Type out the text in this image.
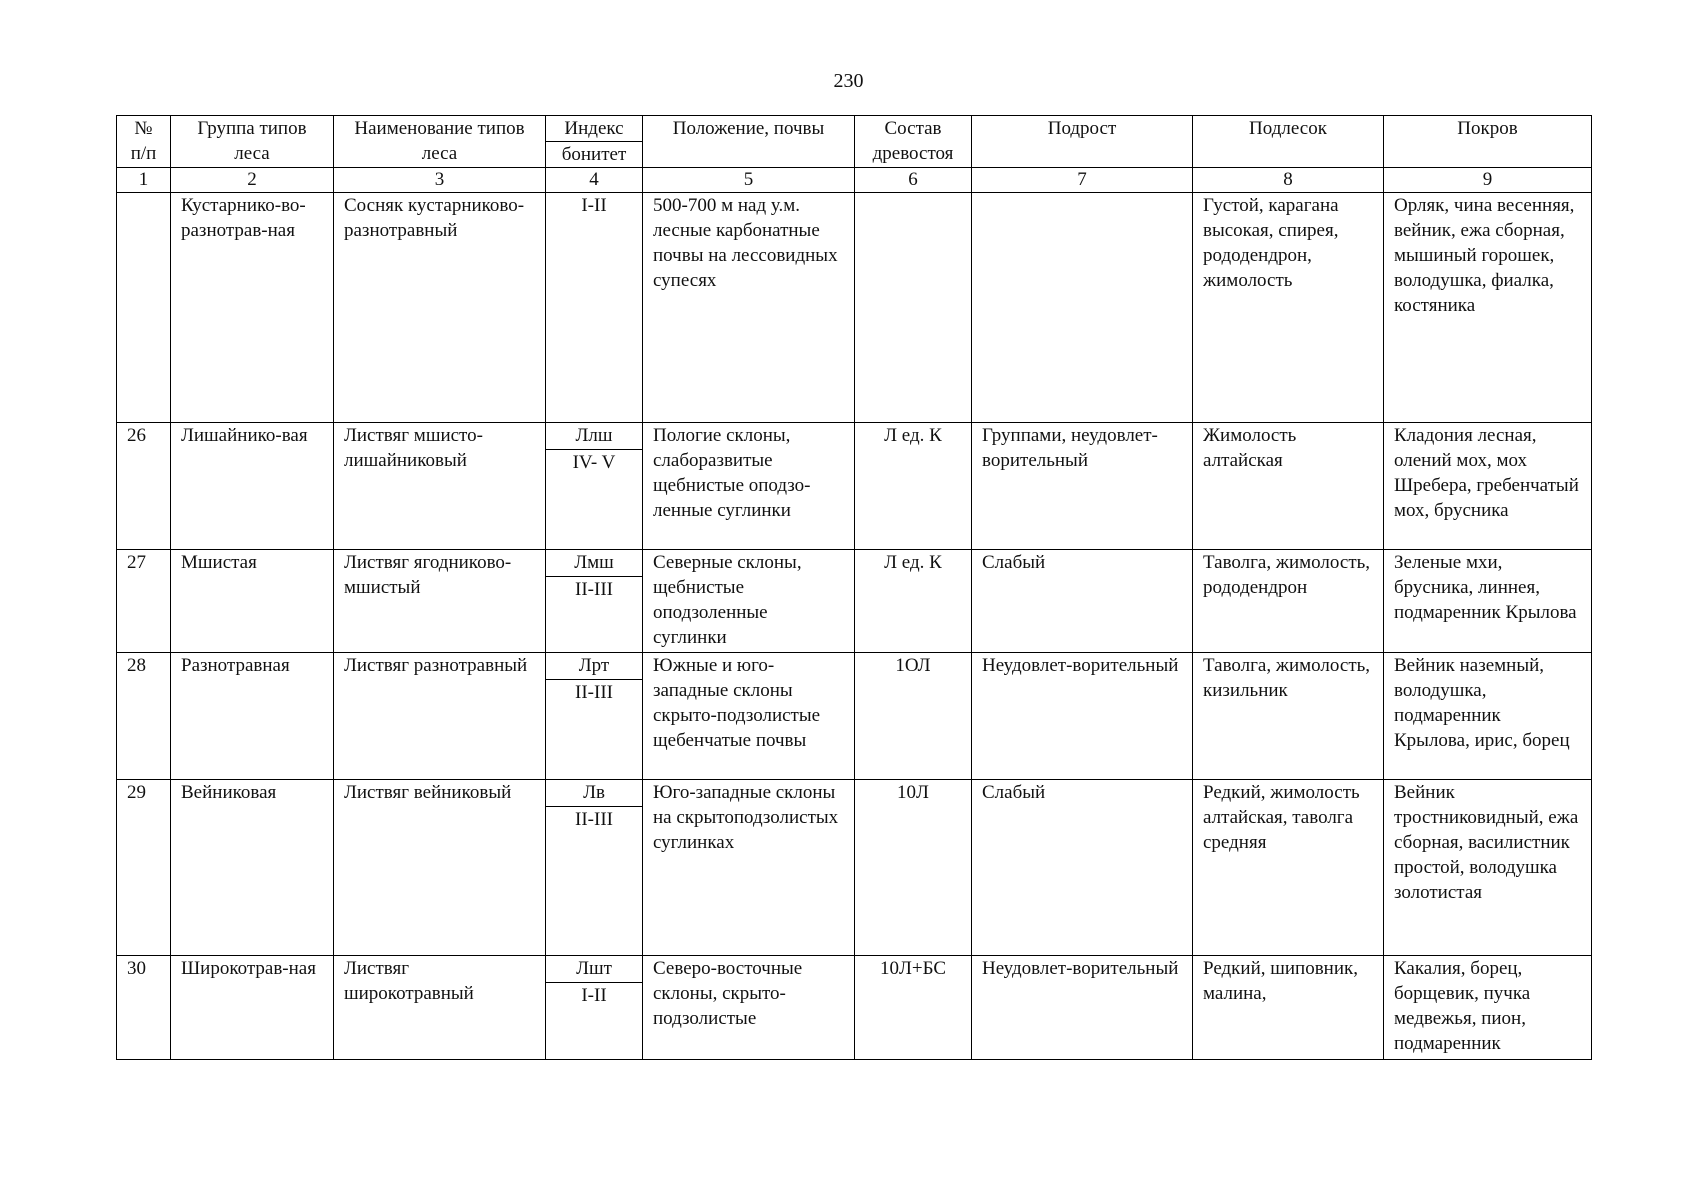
230
№ п/п	Группа типов леса	Наименование типов леса	Индекс	Положение, почвы	Состав древостоя	Подрост	Подлесок	Покров
			бонитет					
1	2	3	4	5	6	7	8	9
	Кустарнико-во-разнотрав-ная	Сосняк кустарниково-разнотравный		500-700 м над у.м. лесные карбонатные почвы на лессовидных супесях			Густой, карагана высокая, спирея, рододендрон, жимолость	Орляк, чина весенняя, вейник, ежа сборная, мышиный горошек, володушка, фиалка, костяника
			I-II					
26	Лишайнико-вая	Листвяг мшисто-лишайниковый	Ллш	Пологие склоны, слаборазвитые щебнистые оподзо-ленные суглинки	Л ед. К	Группами, неудовлет-ворительный	Жимолость алтайская	Кладония лесная, олений мох, мох Шребера, гребенчатый мох, брусника
			IV- V					
27	Мшистая	Листвяг ягодниково-мшистый	Лмш	Северные склоны, щебнистые оподзоленные суглинки	Л ед. К	Слабый	Таволга, жимолость, рододендрон	Зеленые мхи, брусника, линнея, подмаренник Крылова
			II-III					
28	Разнотравная	Листвяг разнотравный	Лрт	Южные и юго-западные склоны скрыто-подзолистые щебенчатые почвы	1ОЛ	Неудовлет-ворительный	Таволга, жимолость, кизильник	Вейник наземный, володушка, подмаренник Крылова, ирис, борец
			II-III					
29	Вейниковая	Листвяг вейниковый	Лв	Юго-западные склоны на скрытоподзолистых суглинках	10Л	Слабый	Редкий, жимолость алтайская, таволга средняя	Вейник тростниковидный, ежа сборная, василистник простой, володушка золотистая
			II-III					
30	Широкотрав-ная	Листвяг широкотравный	Лшт	Северо-восточные склоны, скрыто-подзолистые	10Л+БС	Неудовлет-ворительный	Редкий, шиповник, малина,	Какалия, борец, борщевик, пучка медвежья, пион, подмаренник
			I-II					
